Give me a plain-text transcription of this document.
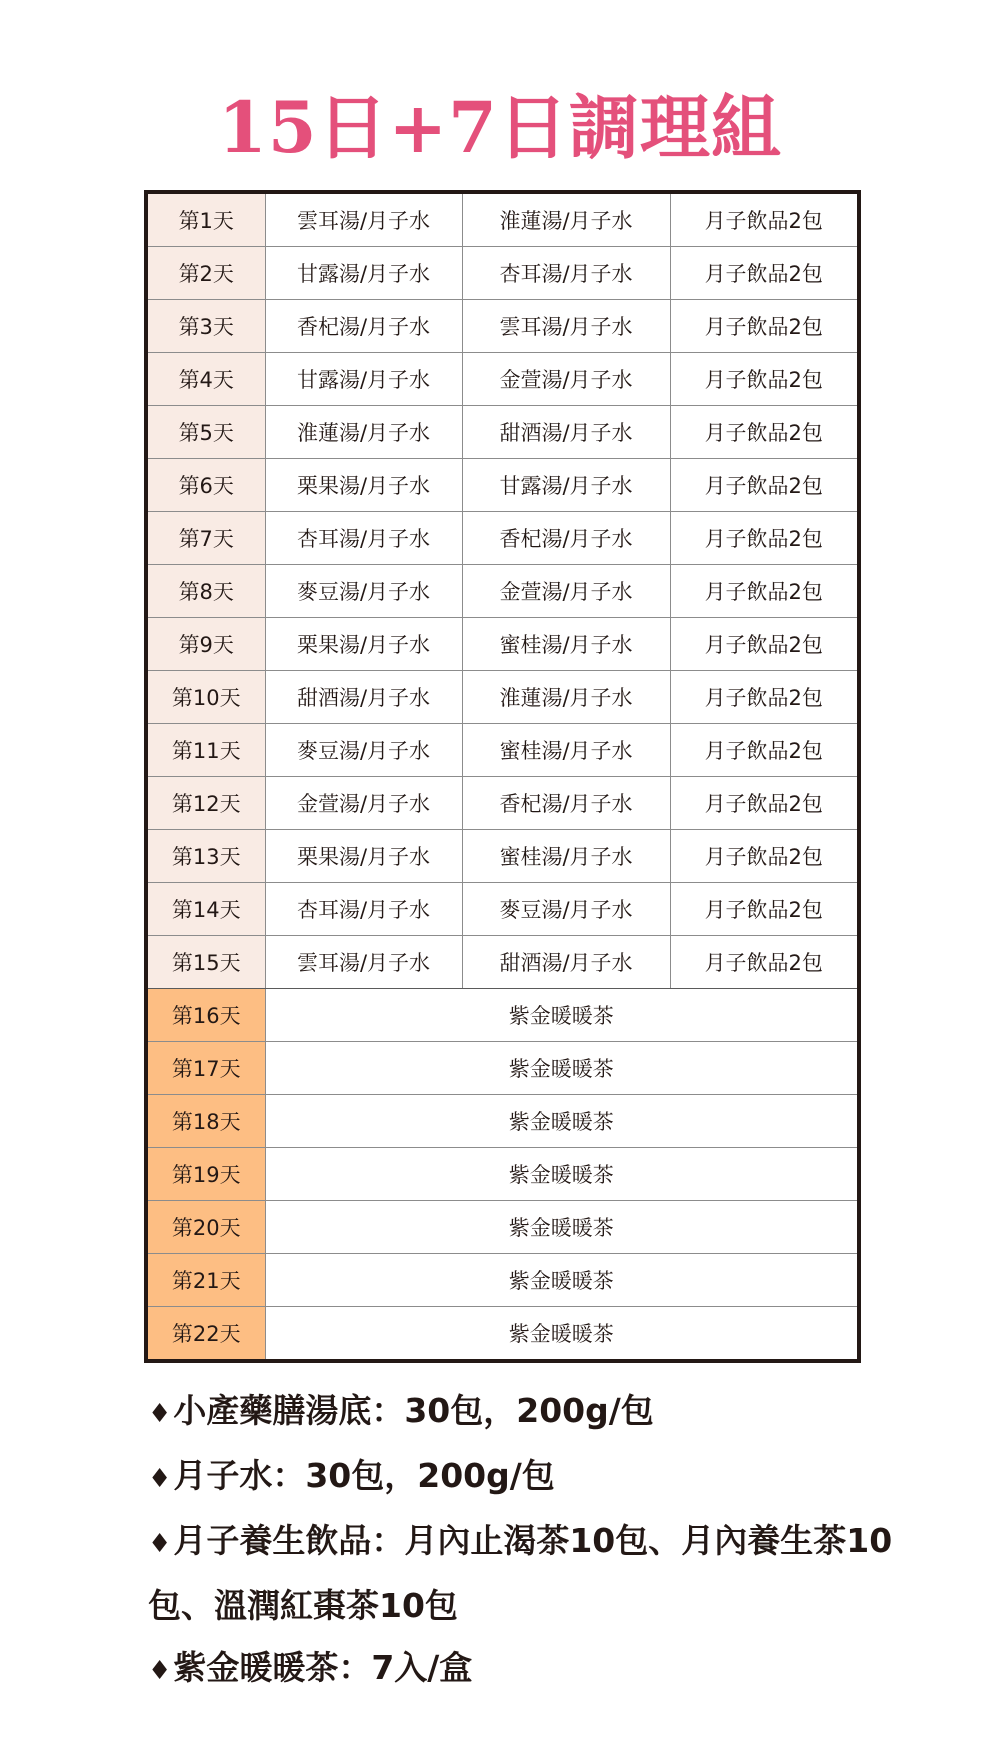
15日+7日調理組
第1天	雲耳湯/月子水	淮蓮湯/月子水	月子飲品2包
第2天	甘露湯/月子水	杏耳湯/月子水	月子飲品2包
第3天	香杞湯/月子水	雲耳湯/月子水	月子飲品2包
第4天	甘露湯/月子水	金萱湯/月子水	月子飲品2包
第5天	淮蓮湯/月子水	甜酒湯/月子水	月子飲品2包
第6天	栗果湯/月子水	甘露湯/月子水	月子飲品2包
第7天	杏耳湯/月子水	香杞湯/月子水	月子飲品2包
第8天	麥豆湯/月子水	金萱湯/月子水	月子飲品2包
第9天	栗果湯/月子水	蜜桂湯/月子水	月子飲品2包
第10天	甜酒湯/月子水	淮蓮湯/月子水	月子飲品2包
第11天	麥豆湯/月子水	蜜桂湯/月子水	月子飲品2包
第12天	金萱湯/月子水	香杞湯/月子水	月子飲品2包
第13天	栗果湯/月子水	蜜桂湯/月子水	月子飲品2包
第14天	杏耳湯/月子水	麥豆湯/月子水	月子飲品2包
第15天	雲耳湯/月子水	甜酒湯/月子水	月子飲品2包
第16天	紫金暖暖茶		
第17天	紫金暖暖茶		
第18天	紫金暖暖茶		
第19天	紫金暖暖茶		
第20天	紫金暖暖茶		
第21天	紫金暖暖茶		
第22天	紫金暖暖茶		

♦小產藥膳湯底：30包，200g/包

♦月子水：30包，200g/包

♦月子養生飲品：月內止渴茶10包、月內養生茶10包、溫潤紅棗茶10包

♦紫金暖暖茶：7入/盒
